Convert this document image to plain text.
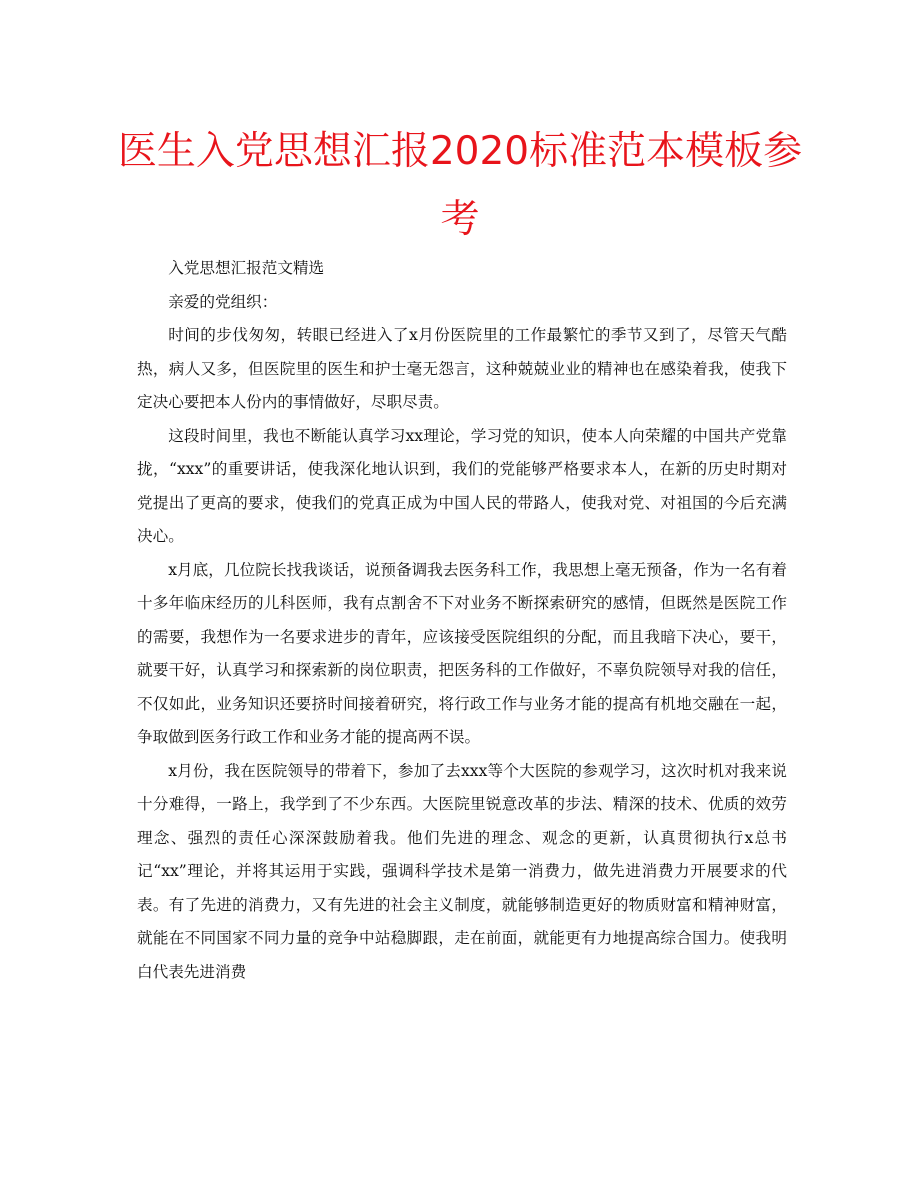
医生入党思想汇报2020标准范本模板参考

入党思想汇报范文精选

亲爱的党组织：

时间的步伐匆匆，转眼已经进入了x月份医院里的工作最繁忙的季节又到了，尽管天气酷热，病人又多，但医院里的医生和护士毫无怨言，这种兢兢业业的精神也在感染着我，使我下定决心要把本人份内的事情做好，尽职尽责。

这段时间里，我也不断能认真学习xx理论，学习党的知识，使本人向荣耀的中国共产党靠拢，“xxx”的重要讲话，使我深化地认识到，我们的党能够严格要求本人，在新的历史时期对党提出了更高的要求，使我们的党真正成为中国人民的带路人，使我对党、对祖国的今后充满决心。

x月底，几位院长找我谈话，说预备调我去医务科工作，我思想上毫无预备，作为一名有着十多年临床经历的儿科医师，我有点割舍不下对业务不断探索研究的感情，但既然是医院工作的需要，我想作为一名要求进步的青年，应该接受医院组织的分配，而且我暗下决心，要干，就要干好，认真学习和探索新的岗位职责，把医务科的工作做好，不辜负院领导对我的信任，不仅如此，业务知识还要挤时间接着研究，将行政工作与业务才能的提高有机地交融在一起，争取做到医务行政工作和业务才能的提高两不误。

x月份，我在医院领导的带着下，参加了去xxx等个大医院的参观学习，这次时机对我来说十分难得，一路上，我学到了不少东西。大医院里锐意改革的步法、精深的技术、优质的效劳理念、强烈的责任心深深鼓励着我。他们先进的理念、观念的更新，认真贯彻执行x总书记“xx”理论，并将其运用于实践，强调科学技术是第一消费力，做先进消费力开展要求的代表。有了先进的消费力，又有先进的社会主义制度，就能够制造更好的物质财富和精神财富，就能在不同国家不同力量的竞争中站稳脚跟，走在前面，就能更有力地提高综合国力。使我明白代表先进消费
